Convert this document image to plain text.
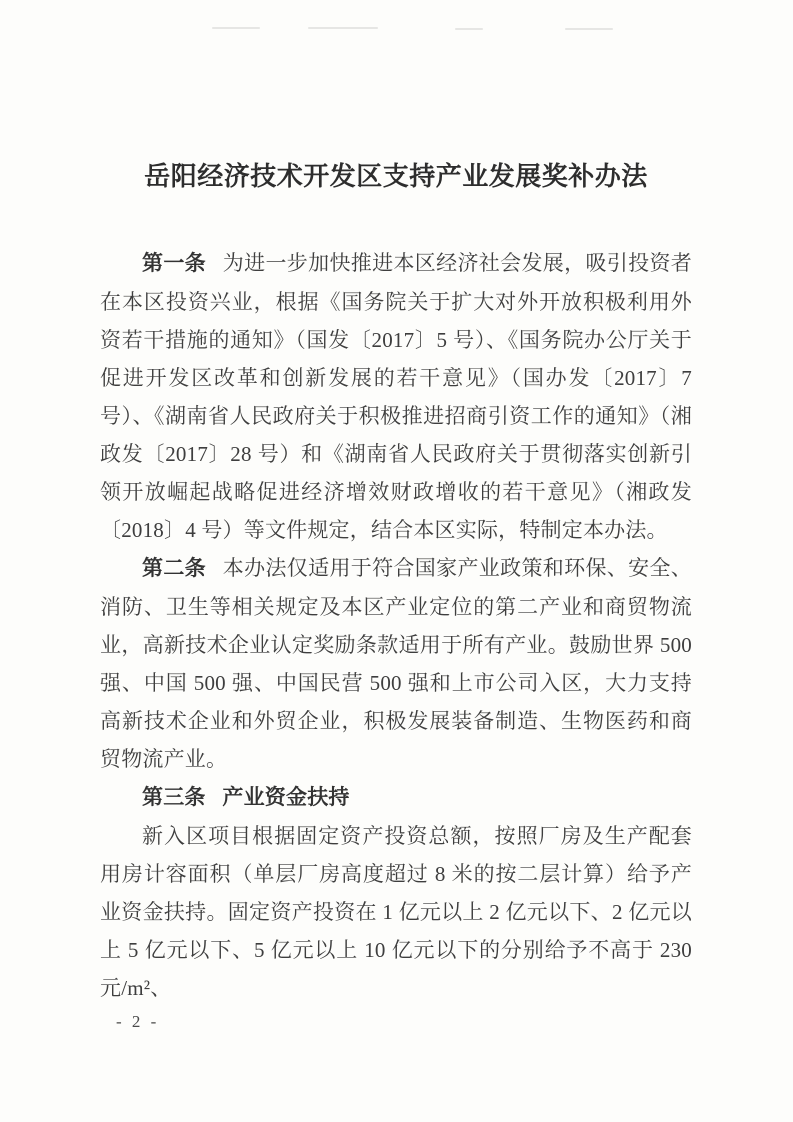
岳阳经济技术开发区支持产业发展奖补办法

第一条 为进一步加快推进本区经济社会发展，吸引投资者在本区投资兴业，根据《国务院关于扩大对外开放积极利用外资若干措施的通知》（国发〔2017〕5 号）、《国务院办公厅关于促进开发区改革和创新发展的若干意见》（国办发〔2017〕7 号）、《湖南省人民政府关于积极推进招商引资工作的通知》（湘政发〔2017〕28 号）和《湖南省人民政府关于贯彻落实创新引领开放崛起战略促进经济增效财政增收的若干意见》（湘政发〔2018〕4 号）等文件规定，结合本区实际，特制定本办法。

第二条 本办法仅适用于符合国家产业政策和环保、安全、消防、卫生等相关规定及本区产业定位的第二产业和商贸物流业，高新技术企业认定奖励条款适用于所有产业。鼓励世界 500 强、中国 500 强、中国民营 500 强和上市公司入区，大力支持高新技术企业和外贸企业，积极发展装备制造、生物医药和商贸物流产业。

第三条 产业资金扶持

新入区项目根据固定资产投资总额，按照厂房及生产配套用房计容面积（单层厂房高度超过 8 米的按二层计算）给予产业资金扶持。固定资产投资在 1 亿元以上 2 亿元以下、2 亿元以上 5 亿元以下、5 亿元以上 10 亿元以下的分别给予不高于 230 元/m²、

- 2 -
